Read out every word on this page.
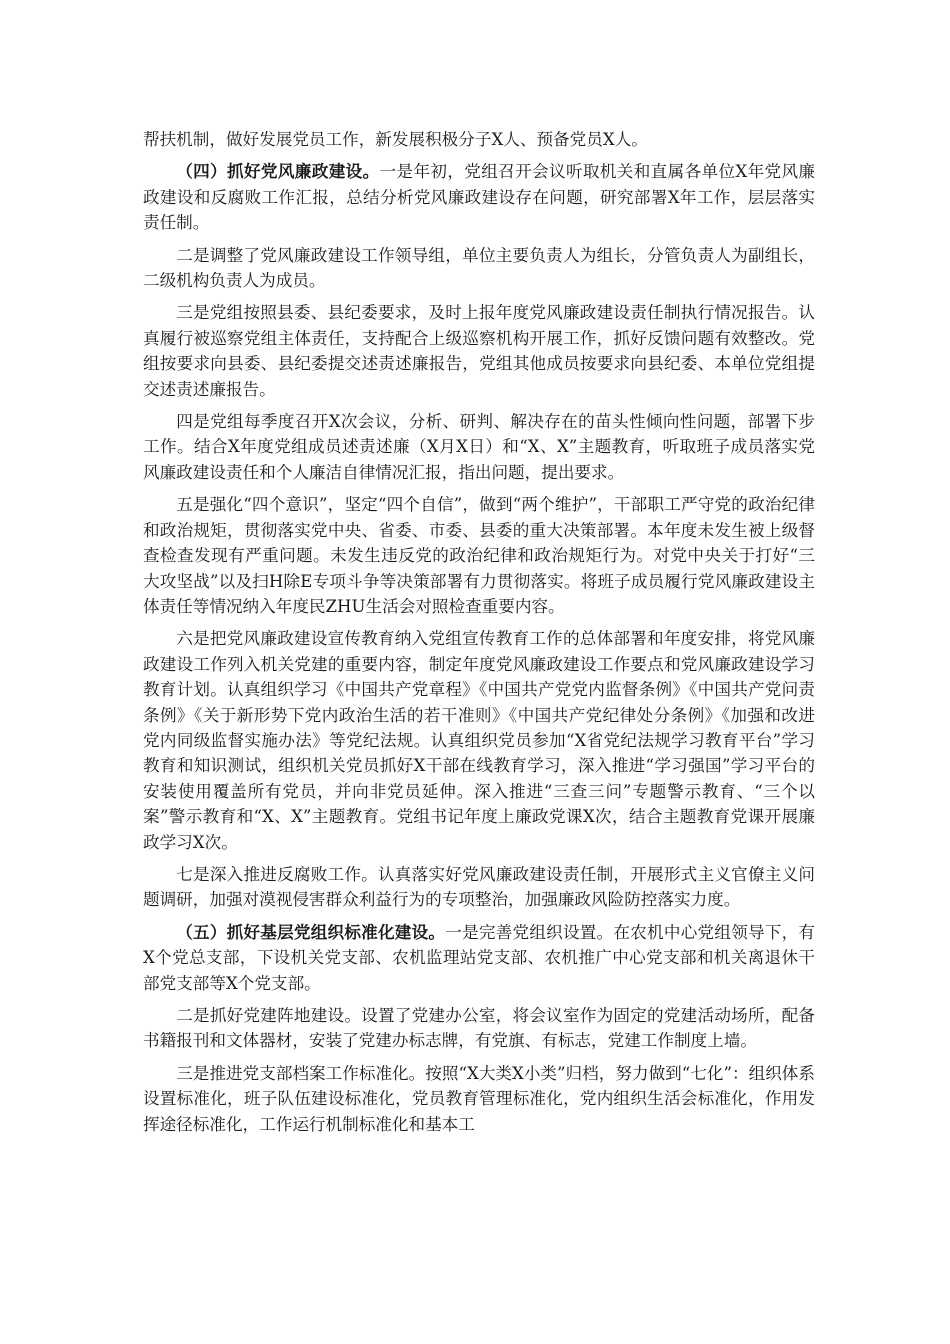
帮扶机制，做好发展党员工作，新发展积极分子X人、预备党员X人。

（四）抓好党风廉政建设。一是年初，党组召开会议听取机关和直属各单位X年党风廉政建设和反腐败工作汇报，总结分析党风廉政建设存在问题，研究部署X年工作，层层落实责任制。

二是调整了党风廉政建设工作领导组，单位主要负责人为组长，分管负责人为副组长，二级机构负责人为成员。

三是党组按照县委、县纪委要求，及时上报年度党风廉政建设责任制执行情况报告。认真履行被巡察党组主体责任，支持配合上级巡察机构开展工作，抓好反馈问题有效整改。党组按要求向县委、县纪委提交述责述廉报告，党组其他成员按要求向县纪委、本单位党组提交述责述廉报告。

四是党组每季度召开X次会议，分析、研判、解决存在的苗头性倾向性问题，部署下步工作。结合X年度党组成员述责述廉（X月X日）和“X、X”主题教育，听取班子成员落实党风廉政建设责任和个人廉洁自律情况汇报，指出问题，提出要求。

五是强化“四个意识”，坚定“四个自信”，做到“两个维护”，干部职工严守党的政治纪律和政治规矩，贯彻落实党中央、省委、市委、县委的重大决策部署。本年度未发生被上级督查检查发现有严重问题。未发生违反党的政治纪律和政治规矩行为。对党中央关于打好“三大攻坚战”以及扫H除E专项斗争等决策部署有力贯彻落实。将班子成员履行党风廉政建设主体责任等情况纳入年度民ZHU生活会对照检查重要内容。

六是把党风廉政建设宣传教育纳入党组宣传教育工作的总体部署和年度安排，将党风廉政建设工作列入机关党建的重要内容，制定年度党风廉政建设工作要点和党风廉政建设学习教育计划。认真组织学习《中国共产党章程》《中国共产党党内监督条例》《中国共产党问责条例》《关于新形势下党内政治生活的若干准则》《中国共产党纪律处分条例》《加强和改进党内同级监督实施办法》等党纪法规。认真组织党员参加“X省党纪法规学习教育平台”学习教育和知识测试，组织机关党员抓好X干部在线教育学习，深入推进“学习强国”学习平台的安装使用覆盖所有党员，并向非党员延伸。深入推进“三查三问”专题警示教育、“三个以案”警示教育和“X、X”主题教育。党组书记年度上廉政党课X次，结合主题教育党课开展廉政学习X次。

七是深入推进反腐败工作。认真落实好党风廉政建设责任制，开展形式主义官僚主义问题调研，加强对漠视侵害群众利益行为的专项整治，加强廉政风险防控落实力度。

（五）抓好基层党组织标准化建设。一是完善党组织设置。在农机中心党组领导下，有X个党总支部，下设机关党支部、农机监理站党支部、农机推广中心党支部和机关离退休干部党支部等X个党支部。

二是抓好党建阵地建设。设置了党建办公室，将会议室作为固定的党建活动场所，配备书籍报刊和文体器材，安装了党建办标志牌，有党旗、有标志，党建工作制度上墙。

三是推进党支部档案工作标准化。按照“X大类X小类”归档，努力做到“七化”：组织体系设置标准化，班子队伍建设标准化，党员教育管理标准化，党内组织生活会标准化，作用发挥途径标准化，工作运行机制标准化和基本工
